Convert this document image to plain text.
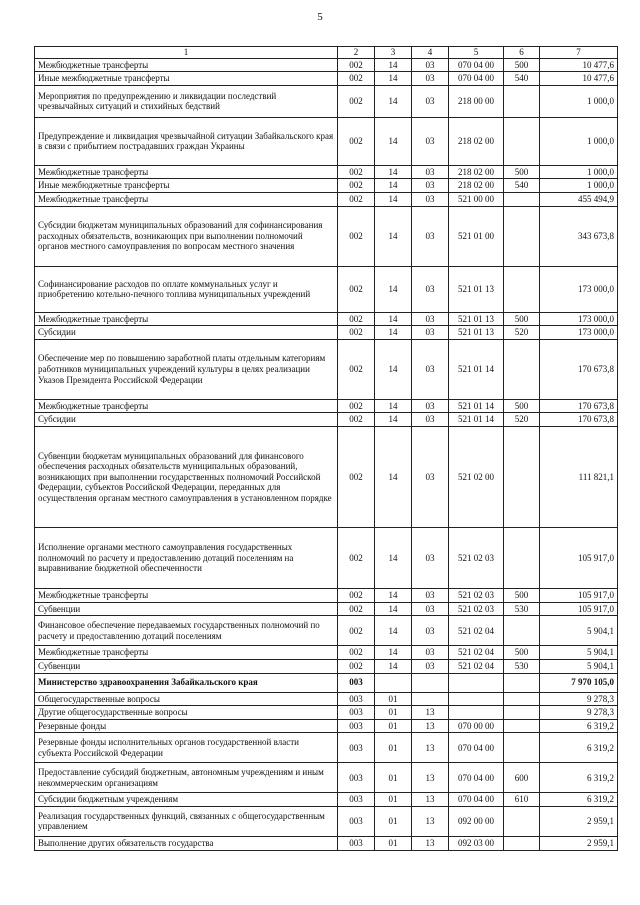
5
1	2	3	4	5	6	7
Межбюджетные трансферты	002	14	03	070 04 00	500	10 477,6
Иные межбюджетные трансферты	002	14	03	070 04 00	540	10 477,6
Мероприятия по предупреждению и ликвидации последствий чрезвычайных ситуаций и стихийных бедствий	002	14	03	218 00 00		1 000,0
Предупреждение и ликвидация чрезвычайной ситуации Забайкальского края в связи с прибытием пострадавших граждан Украины	002	14	03	218 02 00		1 000,0
Межбюджетные трансферты	002	14	03	218 02 00	500	1 000,0
Иные межбюджетные трансферты	002	14	03	218 02 00	540	1 000,0
Межбюджетные трансферты	002	14	03	521 00 00		455 494,9
Субсидии бюджетам муниципальных образований для софинансирования расходных обязательств, возникающих при выполнении полномочий органов местного самоуправления по вопросам местного значения	002	14	03	521 01 00		343 673,8
Софинансирование расходов по оплате коммунальных услуг и приобретению котельно-печного топлива муниципальных учреждений	002	14	03	521 01 13		173 000,0
Межбюджетные трансферты	002	14	03	521 01 13	500	173 000,0
Субсидии	002	14	03	521 01 13	520	173 000,0
Обеспечение мер по повышению заработной платы отдельным категориям работников муниципальных учреждений культуры в целях реализации Указов Президента Российской Федерации	002	14	03	521 01 14		170 673,8
Межбюджетные трансферты	002	14	03	521 01 14	500	170 673,8
Субсидии	002	14	03	521 01 14	520	170 673,8
Субвенции бюджетам муниципальных образований для финансового обеспечения расходных обязательств муниципальных образований, возникающих при выполнении государственных полномочий Российской Федерации, субъектов Российской Федерации, переданных для осуществления органам местного самоуправления в установленном порядке	002	14	03	521 02 00		111 821,1
Исполнение органами местного самоуправления государственных полномочий по расчету и предоставлению дотаций поселениям на выравнивание бюджетной обеспеченности	002	14	03	521 02 03		105 917,0
Межбюджетные трансферты	002	14	03	521 02 03	500	105 917,0
Субвенции	002	14	03	521 02 03	530	105 917,0
Финансовое обеспечение передаваемых государственных полномочий по расчету и предоставлению дотаций поселениям	002	14	03	521 02 04		5 904,1
Межбюджетные трансферты	002	14	03	521 02 04	500	5 904,1
Субвенции	002	14	03	521 02 04	530	5 904,1
Министерство здравоохранения Забайкальского края	003					7 970 105,0
Общегосударственные вопросы	003	01				9 278,3
Другие общегосударственные вопросы	003	01	13			9 278,3
Резервные фонды	003	01	13	070 00 00		6 319,2
Резервные фонды исполнительных органов государственной власти субъекта Российской Федерации	003	01	13	070 04 00		6 319,2
Предоставление субсидий бюджетным, автономным учреждениям и иным некоммерческим организациям	003	01	13	070 04 00	600	6 319,2
Субсидии бюджетным учреждениям	003	01	13	070 04 00	610	6 319,2
Реализация государственных функций, связанных с общегосударственным управлением	003	01	13	092 00 00		2 959,1
Выполнение других обязательств государства	003	01	13	092 03 00		2 959,1
